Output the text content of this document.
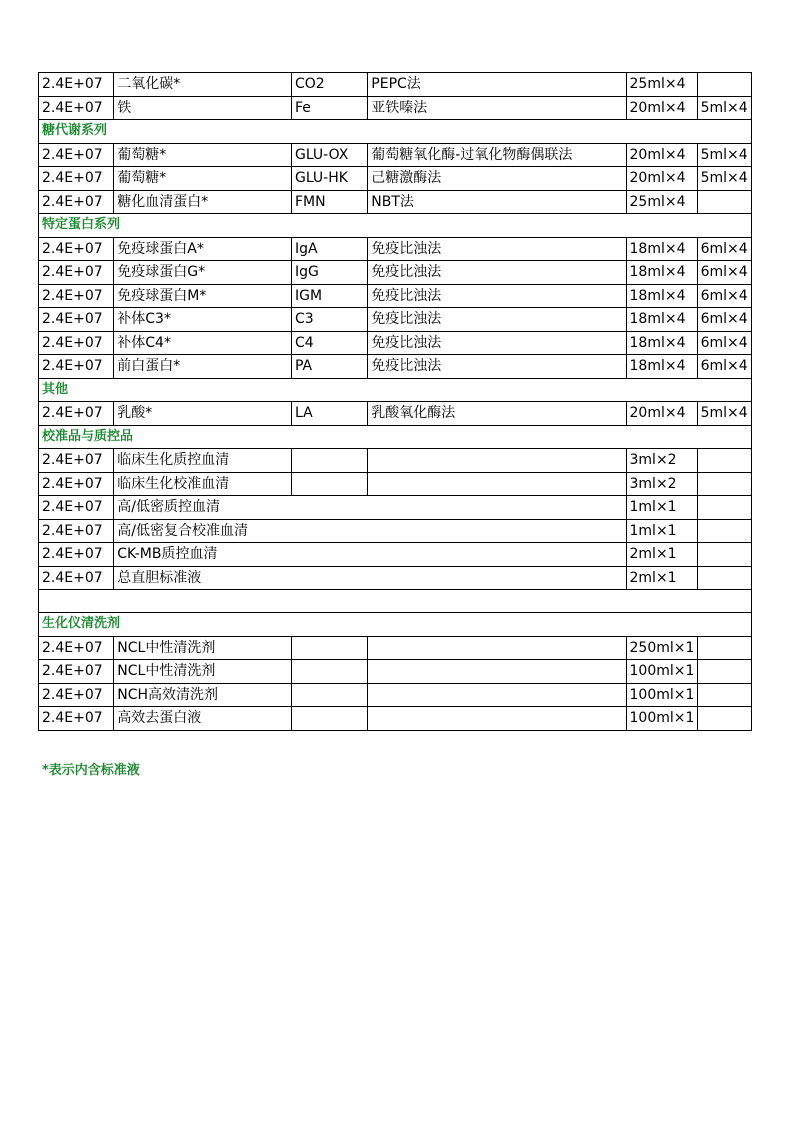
2.4E+07	二氧化碳*	CO2	PEPC法	25ml×4	
2.4E+07	铁	Fe	亚铁嗪法	20ml×4	5ml×4
糖代谢系列					
2.4E+07	葡萄糖*	GLU-OX	葡萄糖氧化酶-过氧化物酶偶联法	20ml×4	5ml×4
2.4E+07	葡萄糖*	GLU-HK	己糖激酶法	20ml×4	5ml×4
2.4E+07	糖化血清蛋白*	FMN	NBT法	25ml×4	
特定蛋白系列					
2.4E+07	免疫球蛋白A*	IgA	免疫比浊法	18ml×4	6ml×4
2.4E+07	免疫球蛋白G*	IgG	免疫比浊法	18ml×4	6ml×4
2.4E+07	免疫球蛋白M*	IGM	免疫比浊法	18ml×4	6ml×4
2.4E+07	补体C3*	C3	免疫比浊法	18ml×4	6ml×4
2.4E+07	补体C4*	C4	免疫比浊法	18ml×4	6ml×4
2.4E+07	前白蛋白*	PA	免疫比浊法	18ml×4	6ml×4
其他					
2.4E+07	乳酸*	LA	乳酸氧化酶法	20ml×4	5ml×4
校准品与质控品					
2.4E+07	临床生化质控血清			3ml×2	
2.4E+07	临床生化校准血清			3ml×2	
2.4E+07	高/低密质控血清			1ml×1	
2.4E+07	高/低密复合校准血清			1ml×1	
2.4E+07	CK-MB质控血清			2ml×1	
2.4E+07	总直胆标准液			2ml×1	

生化仪清洗剂					
2.4E+07	NCL中性清洗剂			250ml×1	
2.4E+07	NCL中性清洗剂			100ml×1	
2.4E+07	NCH高效清洗剂			100ml×1	
2.4E+07	高效去蛋白液			100ml×1	
*表示内含标准液
